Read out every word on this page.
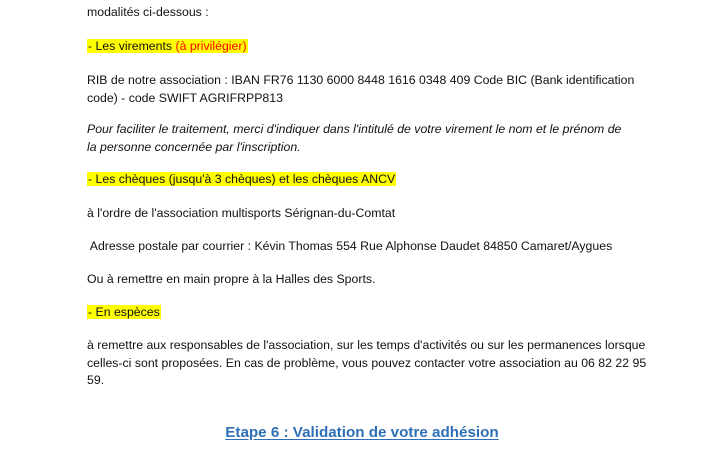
modalités ci-dessous :

- Les virements (à privilégier)

RIB de notre association : IBAN FR76 1130 6000 8448 1616 0348 409 Code BIC (Bank identification

code) - code SWIFT AGRIFRPP813

Pour faciliter le traitement, merci d'indiquer dans l'intitulé de votre virement le nom et le prénom de

la personne concernée par l'inscription.

- Les chèques (jusqu'à 3 chèques) et les chèques ANCV

à l'ordre de l'association multisports Sérignan-du-Comtat

Adresse postale par courrier : Kévin Thomas 554 Rue Alphonse Daudet 84850 Camaret/Aygues

Ou à remettre en main propre à la Halles des Sports.

- En espèces

à remettre aux responsables de l'association, sur les temps d'activités ou sur les permanences lorsque

celles-ci sont proposées. En cas de problème, vous pouvez contacter votre association au 06 82 22 95

59.

Etape 6 : Validation de votre adhésion
